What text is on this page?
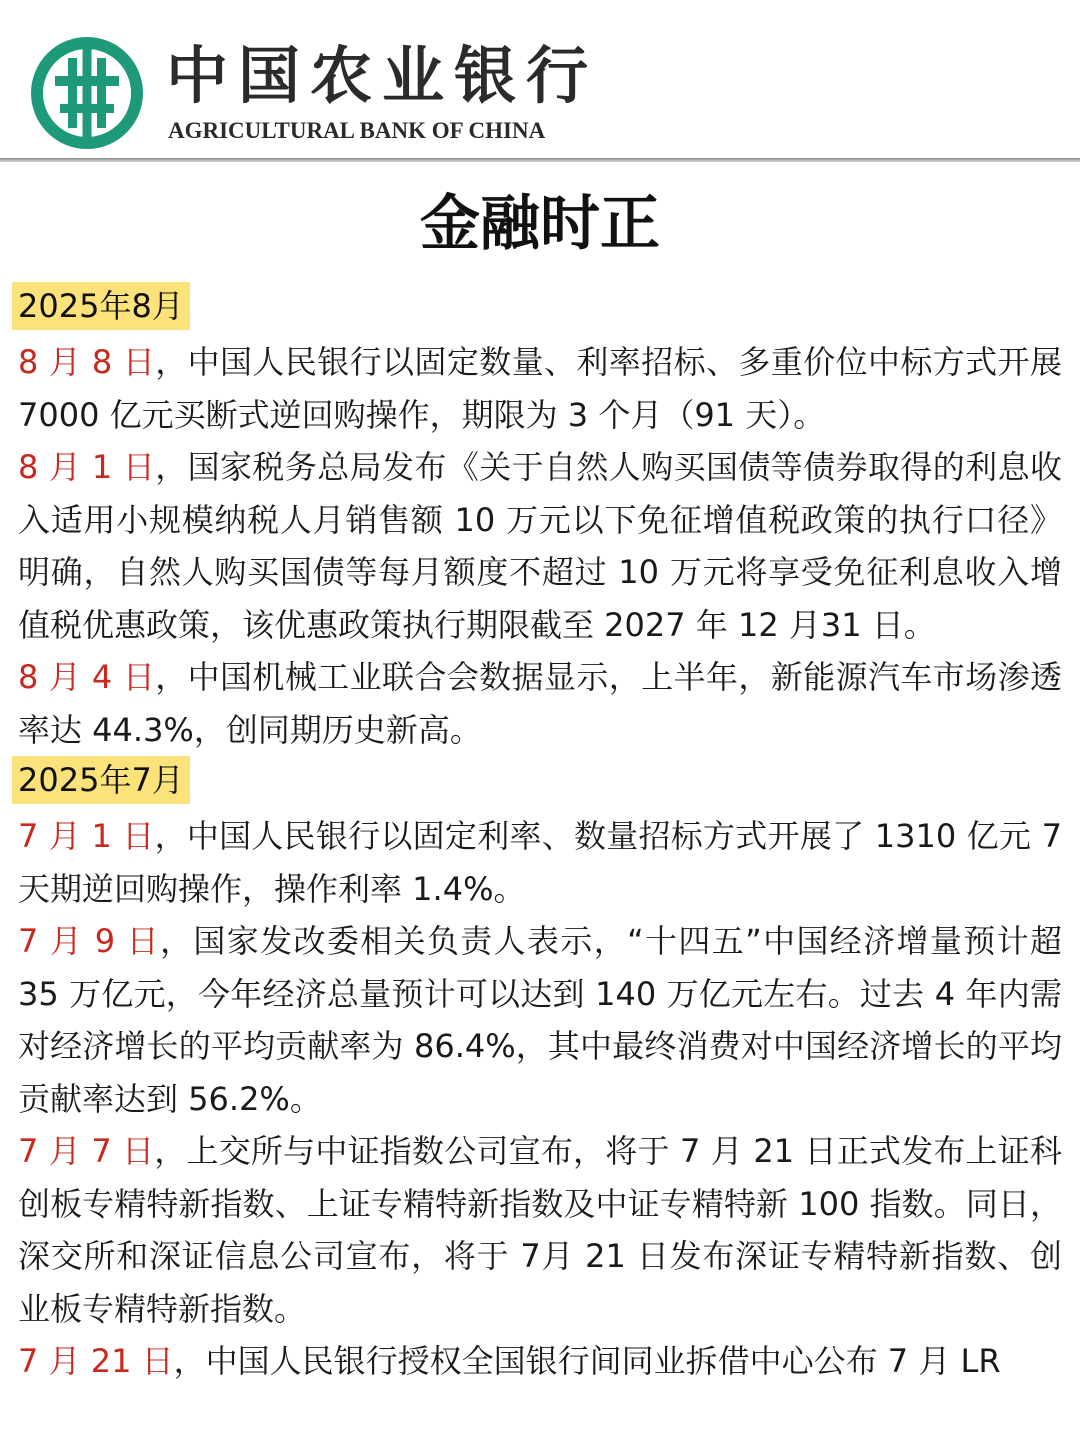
中国农业银行
AGRICULTURAL BANK OF CHINA
金融时正
2025年8月

8 月 8 日，中国人民银行以固定数量、利率招标、多重价位中标方式开展 7000 亿元买断式逆回购操作，期限为 3 个月（91 天）。

8 月 1 日，国家税务总局发布《关于自然人购买国债等债券取得的利息收入适用小规模纳税人月销售额 10 万元以下免征增值税政策的执行口径》明确，自然人购买国债等每月额度不超过 10 万元将享受免征利息收入增值税优惠政策，该优惠政策执行期限截至 2027 年 12 月31 日。

8 月 4 日，中国机械工业联合会数据显示，上半年，新能源汽车市场渗透率达 44.3%，创同期历史新高。

2025年7月

7 月 1 日，中国人民银行以固定利率、数量招标方式开展了 1310 亿元 7 天期逆回购操作，操作利率 1.4%。

7 月 9 日，国家发改委相关负责人表示，“十四五”中国经济增量预计超 35 万亿元，今年经济总量预计可以达到 140 万亿元左右。过去 4 年内需对经济增长的平均贡献率为 86.4%，其中最终消费对中国经济增长的平均贡献率达到 56.2%。

7 月 7 日，上交所与中证指数公司宣布，将于 7 月 21 日正式发布上证科创板专精特新指数、上证专精特新指数及中证专精特新 100 指数。同日，深交所和深证信息公司宣布，将于 7月 21 日发布深证专精特新指数、创业板专精特新指数。

7 月 21 日，中国人民银行授权全国银行间同业拆借中心公布 7 月 LR
